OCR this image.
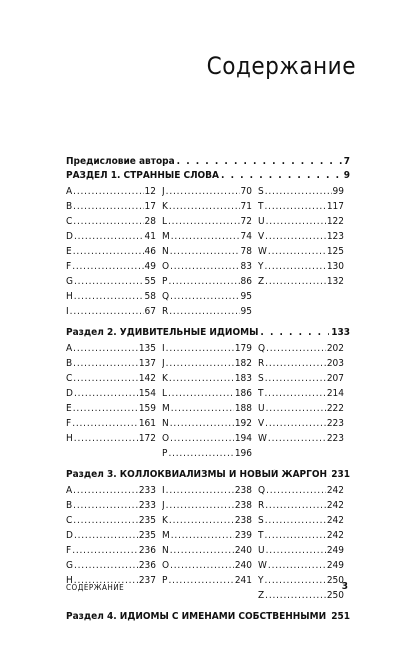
Содержание
Предисловие автора . . .	7
РАЗДЕЛ 1. СТРАННЫЕ СЛОВА . . .	9
A .....	12
B .....	17
C .....	28
D .....	41
E .....	46
F .....	49
G .....	55
H .....	58
I .....	67
J .....	70
K .....	71
L .....	72
M .....	74
N .....	78
O .....	83
P .....	86
Q .....	95
R .....	95
S .....	99
T .....	117
U .....	122
V .....	123
W .....	125
Y .....	130
Z .....	132
Раздел 2. УДИВИТЕЛЬНЫЕ ИДИОМЫ . . .	133
A .....	135
B .....	137
C .....	142
D .....	154
E .....	159
F .....	161
H .....	172
I .....	179
J .....	182
K .....	183
L .....	186
M .....	188
N .....	192
O .....	194
P .....	196
Q .....	202
R .....	203
S .....	207
T .....	214
U .....	222
V .....	223
W .....	223
Раздел 3. КОЛЛОКВИАЛИЗМЫ И НОВЫЙ ЖАРГОН . . . 231
A .....	233
B .....	233
C .....	235
D .....	235
F .....	236
G .....	236
H .....	237
I .....	238
J .....	238
K .....	238
M .....	239
N .....	240
O .....	240
P .....	241
Q .....	242
R .....	242
S .....	242
T .....	242
U .....	249
W .....	249
Y .....	250
Z .....	250
Раздел 4. ИДИОМЫ С ИМЕНАМИ СОБСТВЕННЫМИ . . . 251
СОДЕРЖАНИЕ	3
